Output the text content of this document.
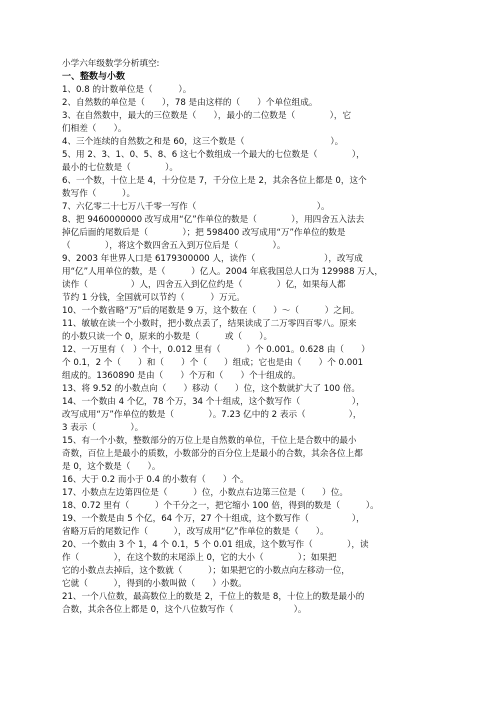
小学六年级数学分析填空:
一、整数与小数
1、0.8 的计数单位是（　　　）。
2、自然数的单位是（　　），78 是由这样的（　　）个单位组成。
3、在自然数中，最大的三位数是（　　），最小的二位数是（　　　　），它
们相差（　　）。
4、三个连续的自然数之和是 60，这三个数是（　　　　　　　　　　）。
5、用 2、3、1、0、5、8、6 这七个数组成一个最大的七位数是（　　　　），
最小的七位数是（　　　　）。
6、一个数，十位上是 4，十分位是 7，千分位上是 2，其余各位上都是 0，这个
数写作（　　　）。
7、六亿零二十七万八千零一写作（　　　　　　　　　　　　　　）。
8、把 9460000000 改写成用“亿”作单位的数是（　　　　），用四舍五入法去
掉亿后面的尾数后是（　　　　）；把 598400 改写成用“万”作单位的数是
（　　　　），将这个数四舍五入到万位后是（　　　　）。
9、2003 年世界人口是 6179300000 人，读作（　　　　　　　　），改写成
用“亿”人用单位的数，是（　　　）亿人。2004 年底我国总人口为 129988 万人，
读作（　　　　　）人，四舍五入到亿位约是（　　　　）亿，如果每人都
节约 1 分钱，全国就可以节约（　　　）万元。
10、一个数省略“万”后的尾数是 9 万，这个数在（　　）～（　　　）之间。
11、敏敏在读一个小数时，把小数点丢了，结果读成了二万零四百零八。原来
的小数只读一个 0，原来的小数是（　　　或（　　）。
12、一万里有（　）个十，0.012 里有（　　　）个 0.001。0.628 由（　　）
个 0.1，2 个（　　）和（　　）个（　　）组成；它也是由（　　）个 0.001
组成的。1360890 是由（　　）个万和（　　）个十组成的。
13、将 9.52 的小数点向（　　）移动（　　）位，这个数就扩大了 100 倍。
14、一个数由 4 个亿，78 个万，34 个十组成，这个数写作（　　　　　　），
改写成用“万”作单位的数是（　　　　）。7.23 亿中的 2 表示（　　　　　），
3 表示（　　　　）。
15、有一个小数，整数部分的万位上是自然数的单位，千位上是合数中的最小
奇数，百位上是最小的质数，小数部分的百分位上是最小的合数，其余各位上都
是 0，这个数是（　　）。
16、大于 0.2 而小于 0.4 的小数有（　　）个。
17、小数点左边第四位是（　　　）位，小数点右边第三位是（　　）位。
18、0.72 里有（　　　）个千分之一，把它缩小 100 倍，得到的数是（　　　）。
19、一个数是由 5 个亿，64 个万，27 个十组成，这个数写作（　　　　　），
省略万后的尾数记作（　　　），改写成用“亿”作单位的数是（　　）。
20、一个数由 3 个 1，4 个 0.1，5 个 0.01 组成，这个数写作（　　　　），读
作（　　　　），在这个数的末尾添上 0，它的大小（　　　　）；如果把
它的小数点去掉后，这个数就（　　　）；如果把它的小数点向左移动一位，
它就（　　　），得到的小数叫做（　　）小数。
21、一个八位数，最高数位上的数是 2，千位上的数是 8，十位上的数是最小的
合数，其余各位上都是 0，这个八位数写作（　　　　　　　）。
